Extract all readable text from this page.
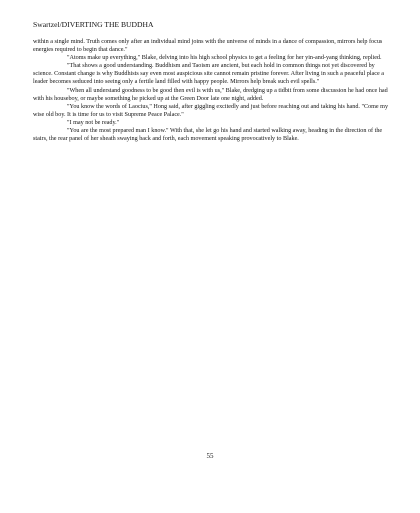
Swartzel/DIVERTING THE BUDDHA

within a single mind. Truth comes only after an individual mind joins with the universe of minds in a dance of compassion, mirrors help focus energies required to begin that dance."

"Atoms make up everything," Blake, delving into his high school physics to get a feeling for her yin-and-yang thinking, replied.

"That shows a good understanding. Buddhism and Taoism are ancient, but each hold in common things not yet discovered by science. Constant change is why Buddhists say even most auspicious site cannot remain pristine forever. After living in such a peaceful place a leader becomes seduced into seeing only a fertile land filled with happy people. Mirrors help break such evil spells."

"When all understand goodness to be good then evil is with us," Blake, dredging up a tidbit from some discussion he had once had with his houseboy, or maybe something he picked up at the Green Door late one night, added.

"You know the words of Laocius," Hong said, after giggling excitedly and just before reaching out and taking his hand. "Come my wise old boy. It is time for us to visit Supreme Peace Palace."

"I may not be ready."

"You are the most prepared man I know." With that, she let go his hand and started walking away, heading in the direction of the stairs, the rear panel of her sheath swaying back and forth, each movement speaking provocatively to Blake.

55
